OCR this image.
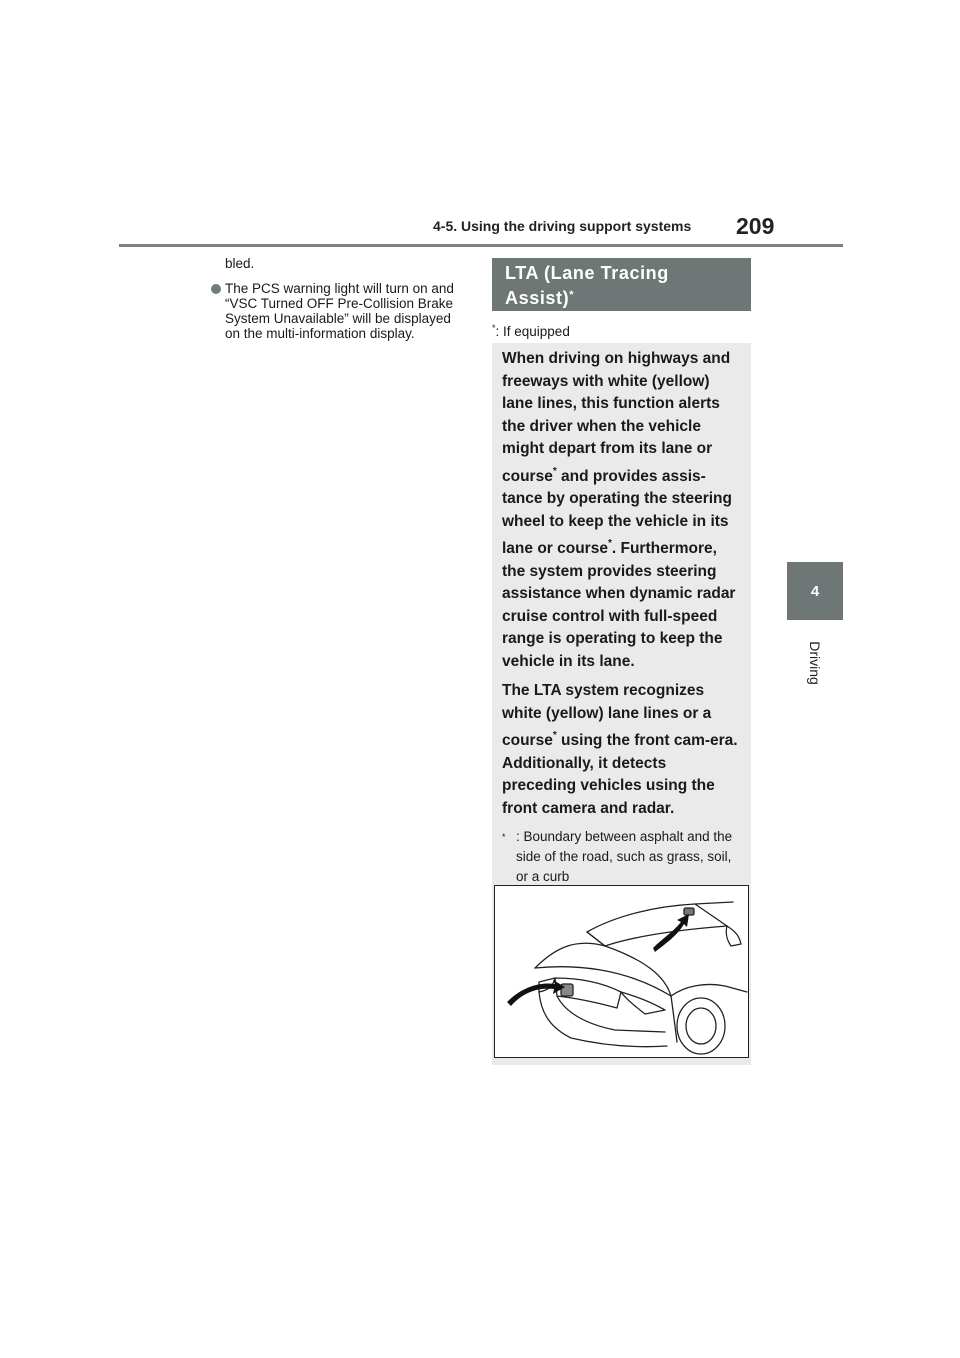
4-5. Using the driving support systems 209
4
Driving

bled.

The PCS warning light will turn on and “VSC Turned OFF Pre-Collision Brake System Unavailable” will be displayed on the multi-information display.
LTA (Lane Tracing
Assist)*
*: If equipped

When driving on highways and freeways with white (yellow) lane lines, this function alerts the driver when the vehicle might depart from its lane or course* and provides assis-tance by operating the steering wheel to keep the vehicle in its lane or course*. Furthermore, the system provides steering assistance when dynamic radar cruise control with full-speed range is operating to keep the vehicle in its lane.

The LTA system recognizes white (yellow) lane lines or a course* using the front cam-era. Additionally, it detects preceding vehicles using the front camera and radar.

* : Boundary between asphalt and the side of the road, such as grass, soil, or a curb
